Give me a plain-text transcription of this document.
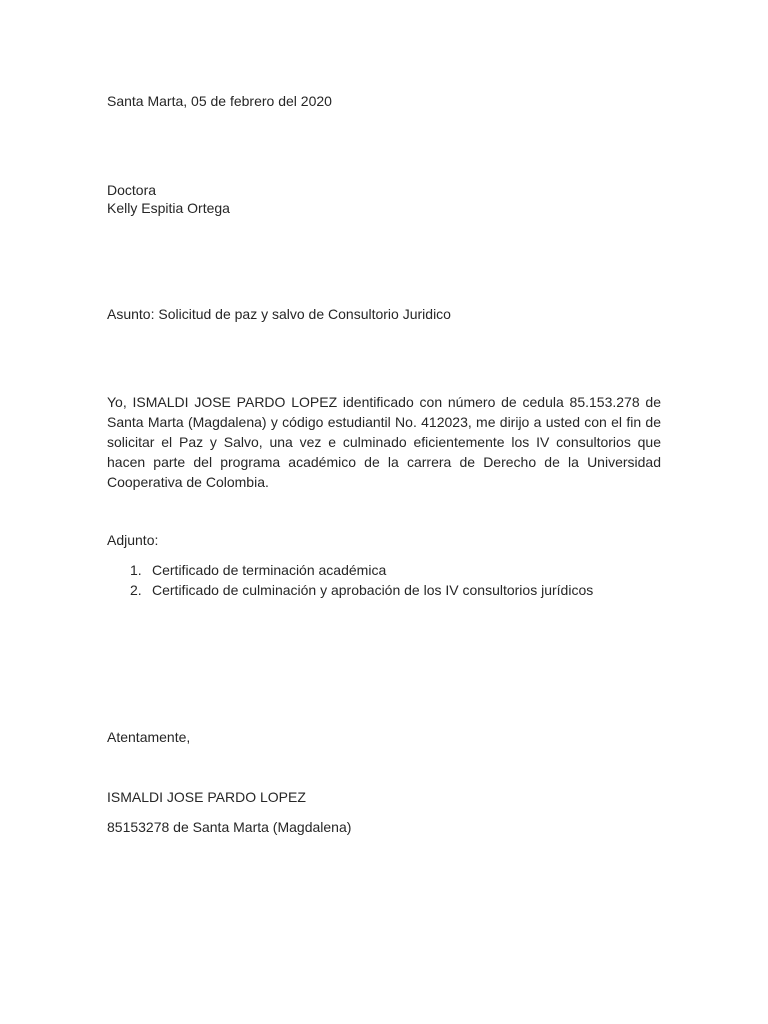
Santa Marta, 05 de febrero del 2020
Doctora
Kelly Espitia Ortega
Asunto: Solicitud de paz y salvo de Consultorio Juridico
Yo, ISMALDI JOSE PARDO LOPEZ identificado con número de cedula 85.153.278 de Santa Marta (Magdalena) y código estudiantil No. 412023, me dirijo a usted con el fin de solicitar el Paz y Salvo, una vez e culminado eficientemente los IV consultorios que hacen parte del programa académico de la carrera de Derecho de la Universidad Cooperativa de Colombia.
Adjunto:
1. Certificado de terminación académica
2. Certificado de culminación y aprobación de los IV consultorios jurídicos
Atentamente,
ISMALDI JOSE PARDO LOPEZ
85153278 de Santa Marta (Magdalena)
